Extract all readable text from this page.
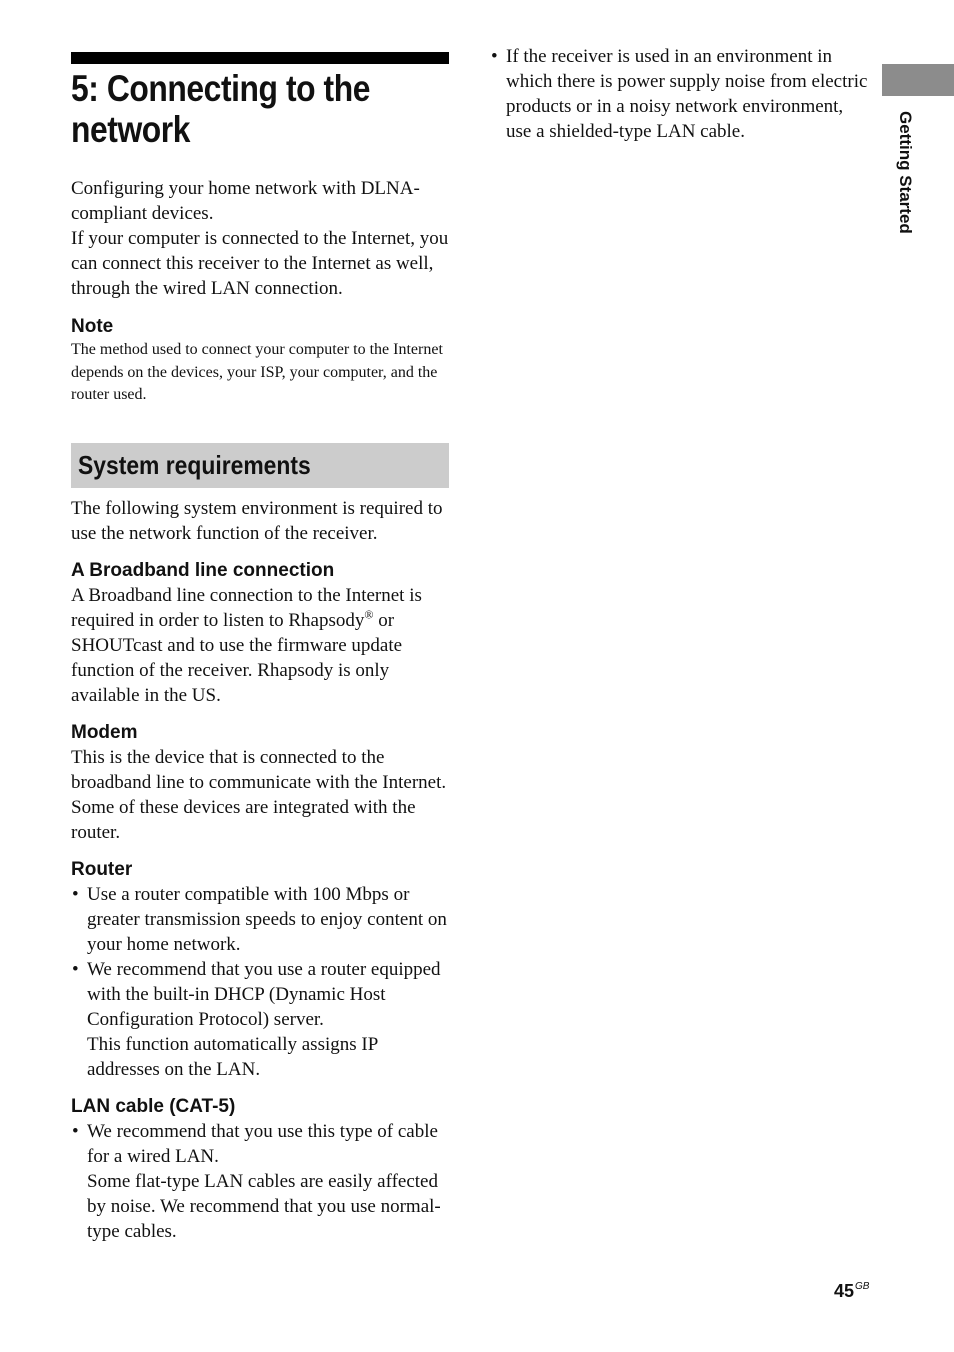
5: Connecting to the network

Configuring your home network with DLNA-compliant devices.

If your computer is connected to the Internet, you can connect this receiver to the Internet as well, through the wired LAN connection.

Note

The method used to connect your computer to the Internet depends on the devices, your ISP, your computer, and the router used.

System requirements

The following system environment is required to use the network function of the receiver.

A Broadband line connection

A Broadband line connection to the Internet is required in order to listen to Rhapsody® or SHOUTcast and to use the firmware update function of the receiver. Rhapsody is only available in the US.

Modem

This is the device that is connected to the broadband line to communicate with the Internet. Some of these devices are integrated with the router.

Router
• Use a router compatible with 100 Mbps or greater transmission speeds to enjoy content on your home network.
• We recommend that you use a router equipped with the built-in DHCP (Dynamic Host Configuration Protocol) server.
This function automatically assigns IP addresses on the LAN.
LAN cable (CAT-5)
• We recommend that you use this type of cable for a wired LAN.
Some flat-type LAN cables are easily affected by noise. We recommend that you use normal-type cables.
• If the receiver is used in an environment in which there is power supply noise from electric products or in a noisy network environment, use a shielded-type LAN cable.	Getting Started
$45^{GB}$
